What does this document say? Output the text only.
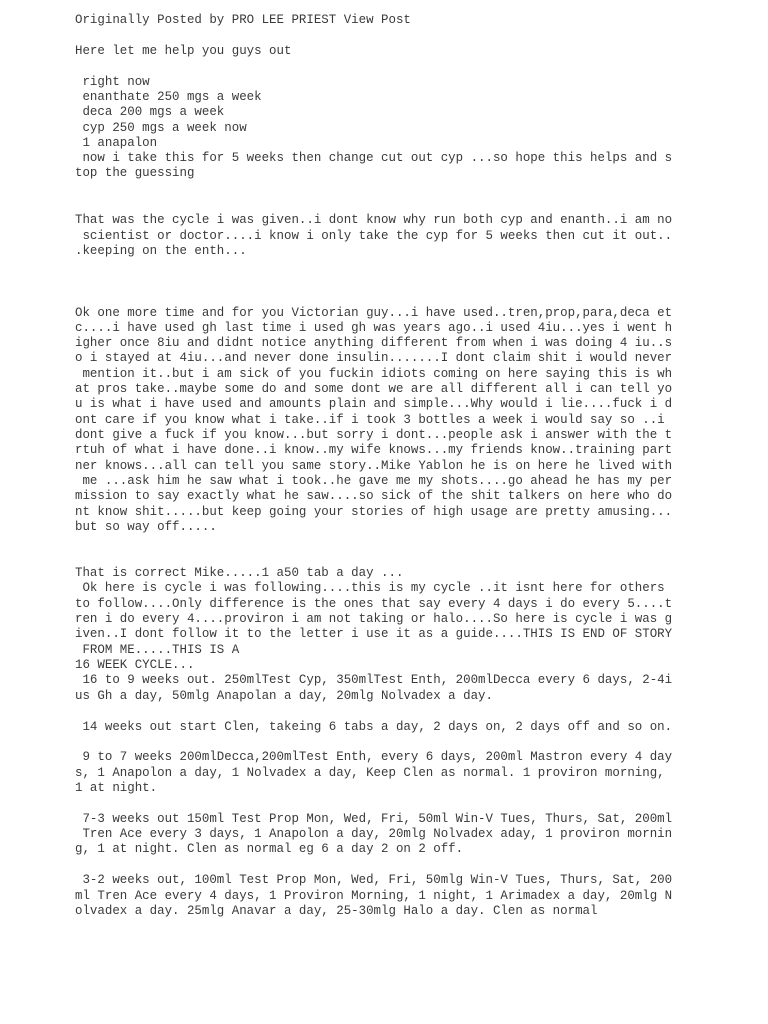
Originally Posted by PRO LEE PRIEST View Post
Here let me help you guys out
right now
enanthate 250 mgs a week
deca 200 mgs a week
cyp 250 mgs a week now
1 anapalon
now i take this for 5 weeks then change cut out cyp ...so hope this helps and s
top the guessing
That was the cycle i was given..i dont know why run both cyp and enanth..i am no
scientist or doctor....i know i only take the cyp for 5 weeks then cut it out..
.keeping on the enth...
Ok one more time and for you Victorian guy...i have used..tren,prop,para,deca et
c....i have used gh last time i used gh was years ago..i used 4iu...yes i went h
igher once 8iu and didnt notice anything different from when i was doing 4 iu..s
o i stayed at 4iu...and never done insulin.......I dont claim shit i would never
mention it..but i am sick of you fuckin idiots coming on here saying this is wh
at pros take..maybe some do and some dont we are all different all i can tell yo
u is what i have used and amounts plain and simple...Why would i lie....fuck i d
ont care if you know what i take..if i took 3 bottles a week i would say so ..i
dont give a fuck if you know...but sorry i dont...people ask i answer with the t
rtuh of what i have done..i know..my wife knows...my friends know..training part
ner knows...all can tell you same story..Mike Yablon he is on here he lived with
me ...ask him he saw what i took..he gave me my shots....go ahead he has my per
mission to say exactly what he saw....so sick of the shit talkers on here who do
nt know shit.....but keep going your stories of high usage are pretty amusing...
but so way off.....
That is correct Mike.....1 a50 tab a day ...
Ok here is cycle i was following....this is my cycle ..it isnt here for others
to follow....Only difference is the ones that say every 4 days i do every 5....t
ren i do every 4....proviron i am not taking or halo....So here is cycle i was g
iven..I dont follow it to the letter i use it as a guide....THIS IS END OF STORY
FROM ME.....THIS IS A
16 WEEK CYCLE...
16 to 9 weeks out. 250mlTest Cyp, 350mlTest Enth, 200mlDecca every 6 days, 2-4i
us Gh a day, 50mlg Anapolan a day, 20mlg Nolvadex a day.
14 weeks out start Clen, takeing 6 tabs a day, 2 days on, 2 days off and so on.
9 to 7 weeks 200mlDecca,200mlTest Enth, every 6 days, 200ml Mastron every 4 day
s, 1 Anapolon a day, 1 Nolvadex a day, Keep Clen as normal. 1 proviron morning,
1 at night.
7-3 weeks out 150ml Test Prop Mon, Wed, Fri, 50ml Win-V Tues, Thurs, Sat, 200ml
Tren Ace every 3 days, 1 Anapolon a day, 20mlg Nolvadex aday, 1 proviron mornin
g, 1 at night. Clen as normal eg 6 a day 2 on 2 off.
3-2 weeks out, 100ml Test Prop Mon, Wed, Fri, 50mlg Win-V Tues, Thurs, Sat, 200
ml Tren Ace every 4 days, 1 Proviron Morning, 1 night, 1 Arimadex a day, 20mlg N
olvadex a day. 25mlg Anavar a day, 25-30mlg Halo a day. Clen as normal
